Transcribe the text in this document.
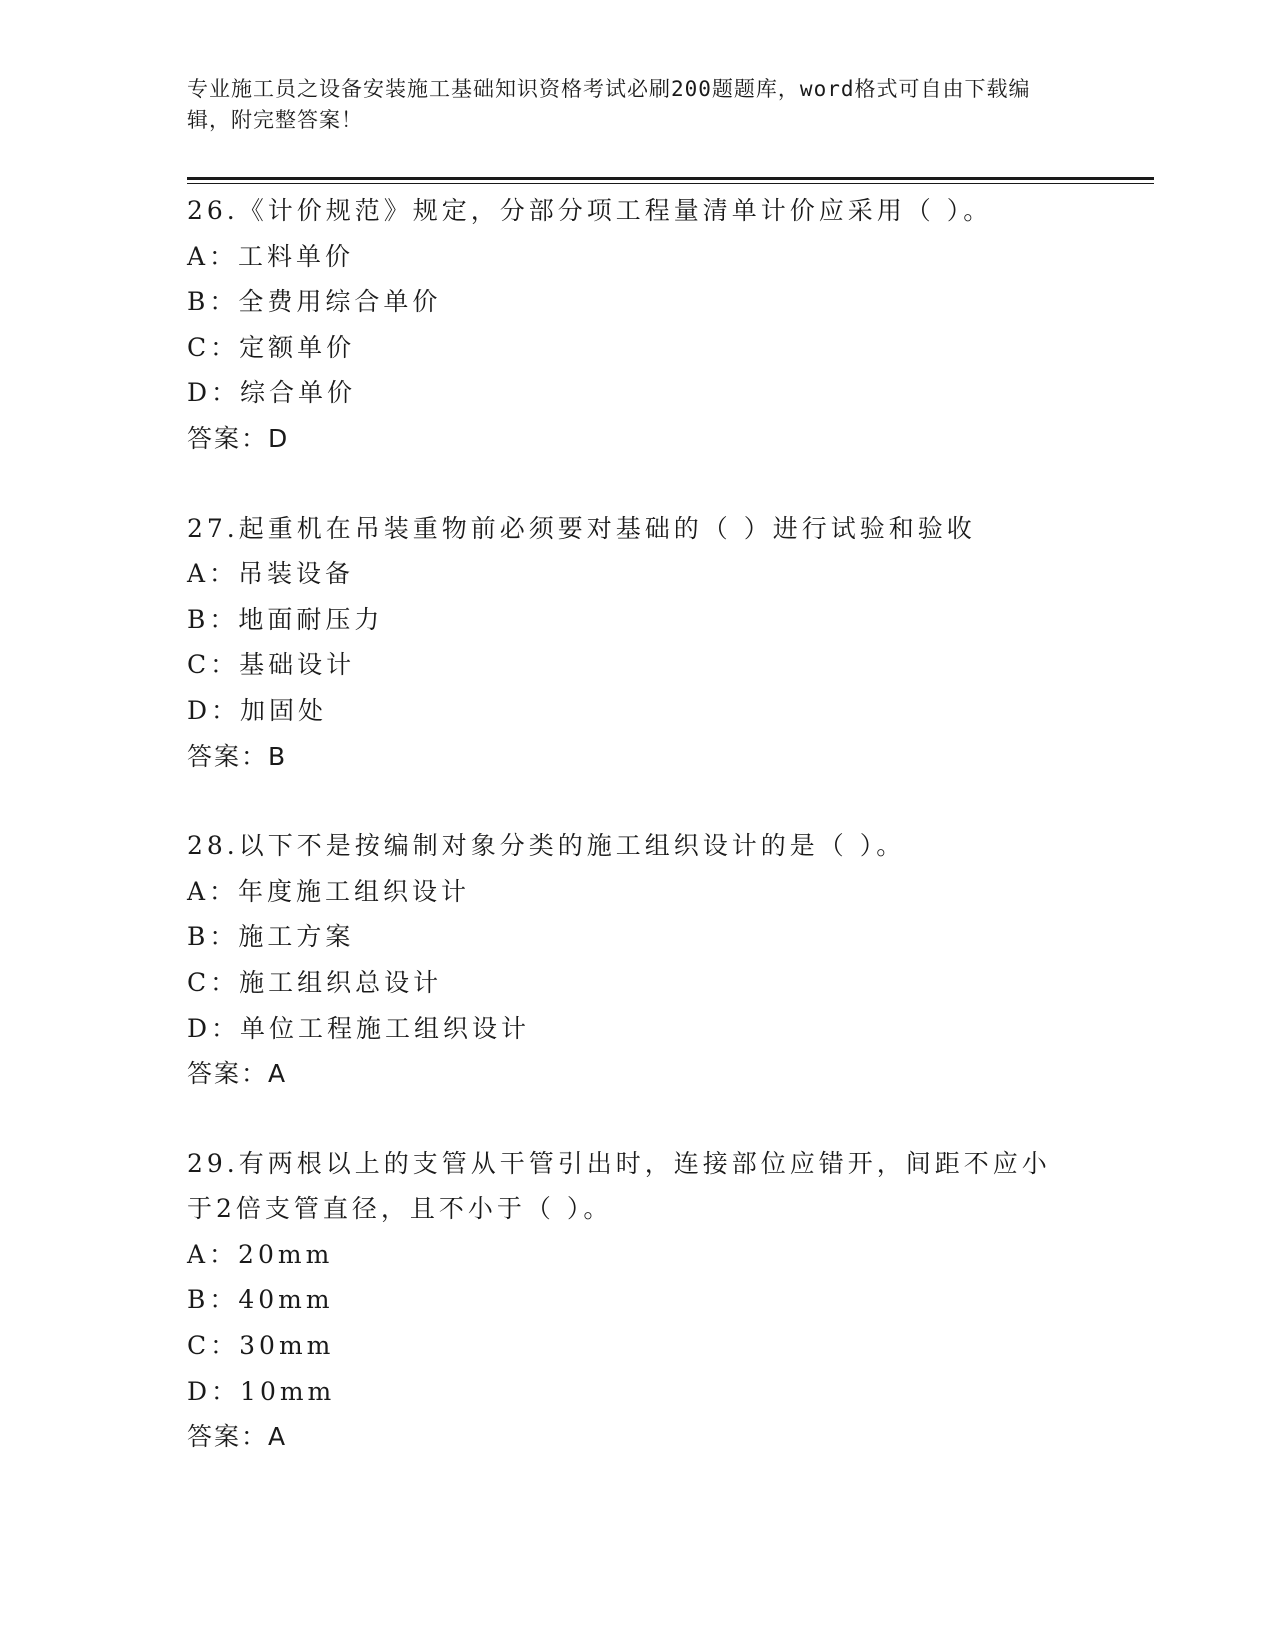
专业施工员之设备安装施工基础知识资格考试必刷200题题库，word格式可自由下载编辑，附完整答案！
26.《计价规范》规定，分部分项工程量清单计价应采用（ ）。
A：工料单价
B：全费用综合单价
C：定额单价
D：综合单价
答案：D
27.起重机在吊装重物前必须要对基础的（ ）进行试验和验收
A：吊装设备
B：地面耐压力
C：基础设计
D：加固处
答案：B
28.以下不是按编制对象分类的施工组织设计的是（ ）。
A：年度施工组织设计
B：施工方案
C：施工组织总设计
D：单位工程施工组织设计
答案：A
29.有两根以上的支管从干管引出时，连接部位应错开，间距不应小于2倍支管直径，且不小于（ ）。
A：20mm
B：40mm
C：30mm
D：10mm
答案：A
